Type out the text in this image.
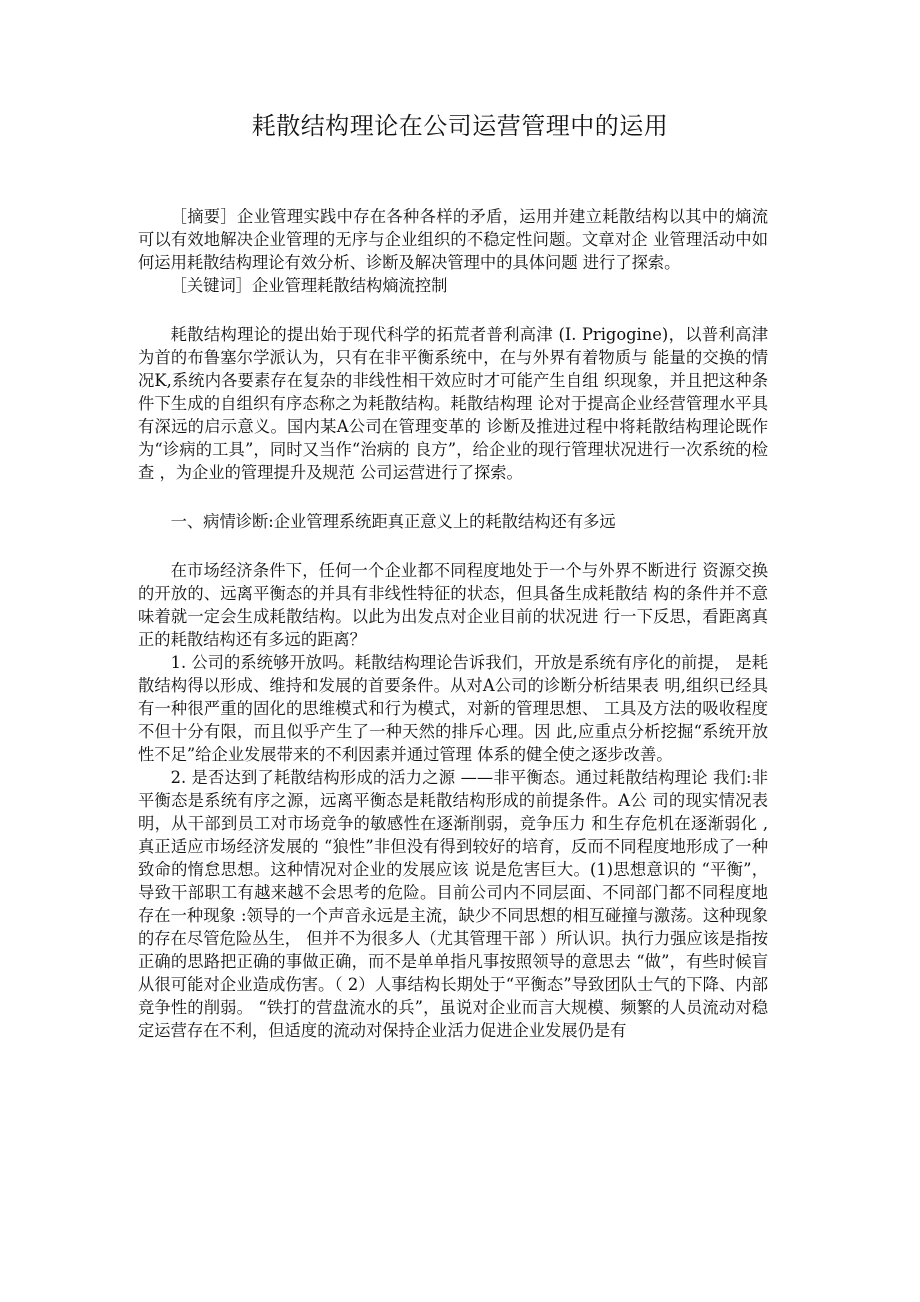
耗散结构理论在公司运营管理中的运用

［摘要］企业管理实践中存在各种各样的矛盾，运用并建立耗散结构以其中的熵流可以有效地解决企业管理的无序与企业组织的不稳定性问题。文章对企 业管理活动中如何运用耗散结构理论有效分析、诊断及解决管理中的具体问题 进行了探索。

［关键词］企业管理耗散结构熵流控制

耗散结构理论的提出始于现代科学的拓荒者普利高津 (I. Prigogine)，以普利高津为首的布鲁塞尔学派认为，只有在非平衡系统中，在与外界有着物质与 能量的交换的情况K,系统内各要素存在复杂的非线性相干效应时才可能产生自组 织现象，并且把这种条件下生成的自组织有序态称之为耗散结构。耗散结构理 论对于提高企业经营管理水平具有深远的启示意义。国内某A公司在管理变革的 诊断及推进过程中将耗散结构理论既作为“诊病的工具”，同时又当作“治病的 良方”，给企业的现行管理状况进行一次系统的检查 ，为企业的管理提升及规范 公司运营进行了探索。

一、病情诊断:企业管理系统距真正意义上的耗散结构还有多远

在市场经济条件下，任何一个企业都不同程度地处于一个与外界不断进行 资源交换的开放的、远离平衡态的并具有非线性特征的状态，但具备生成耗散结 构的条件并不意味着就一定会生成耗散结构。以此为出发点对企业目前的状况进 行一下反思，看距离真正的耗散结构还有多远的距离？

1. 公司的系统够开放吗。耗散结构理论告诉我们，开放是系统有序化的前提， 是耗散结构得以形成、维持和发展的首要条件。从对A公司的诊断分析结果表 明,组织已经具有一种很严重的固化的思维模式和行为模式，对新的管理思想、 工具及方法的吸收程度不但十分有限，而且似乎产生了一种天然的排斥心理。因 此,应重点分析挖掘“系统开放性不足”给企业发展带来的不利因素并通过管理 体系的健全使之逐步改善。

2. 是否达到了耗散结构形成的活力之源 ——非平衡态。通过耗散结构理论 我们:非平衡态是系统有序之源，远离平衡态是耗散结构形成的前提条件。A公 司的现实情况表明，从干部到员工对市场竞争的敏感性在逐渐削弱，竞争压力 和生存危机在逐渐弱化 ,真正适应市场经济发展的 “狼性”非但没有得到较好的培育，反而不同程度地形成了一种致命的惰怠思想。这种情况对企业的发展应该 说是危害巨大。(1)思想意识的 “平衡”，导致干部职工有越来越不会思考的危险。目前公司内不同层面、不同部门都不同程度地存在一种现象 :领导的一个声音永远是主流，缺少不同思想的相互碰撞与激荡。这种现象的存在尽管危险丛生， 但并不为很多人（尤其管理干部 ）所认识。执行力强应该是指按正确的思路把正确的事做正确，而不是单单指凡事按照领导的意思去 “做”，有些时候盲从很可能对企业造成伤害。（ 2）人事结构长期处于“平衡态”导致团队士气的下降、内部竞争性的削弱。 “铁打的营盘流水的兵”，虽说对企业而言大规模、频繁的人员流动对稳定运营存在不利，但适度的流动对保持企业活力促进企业发展仍是有
